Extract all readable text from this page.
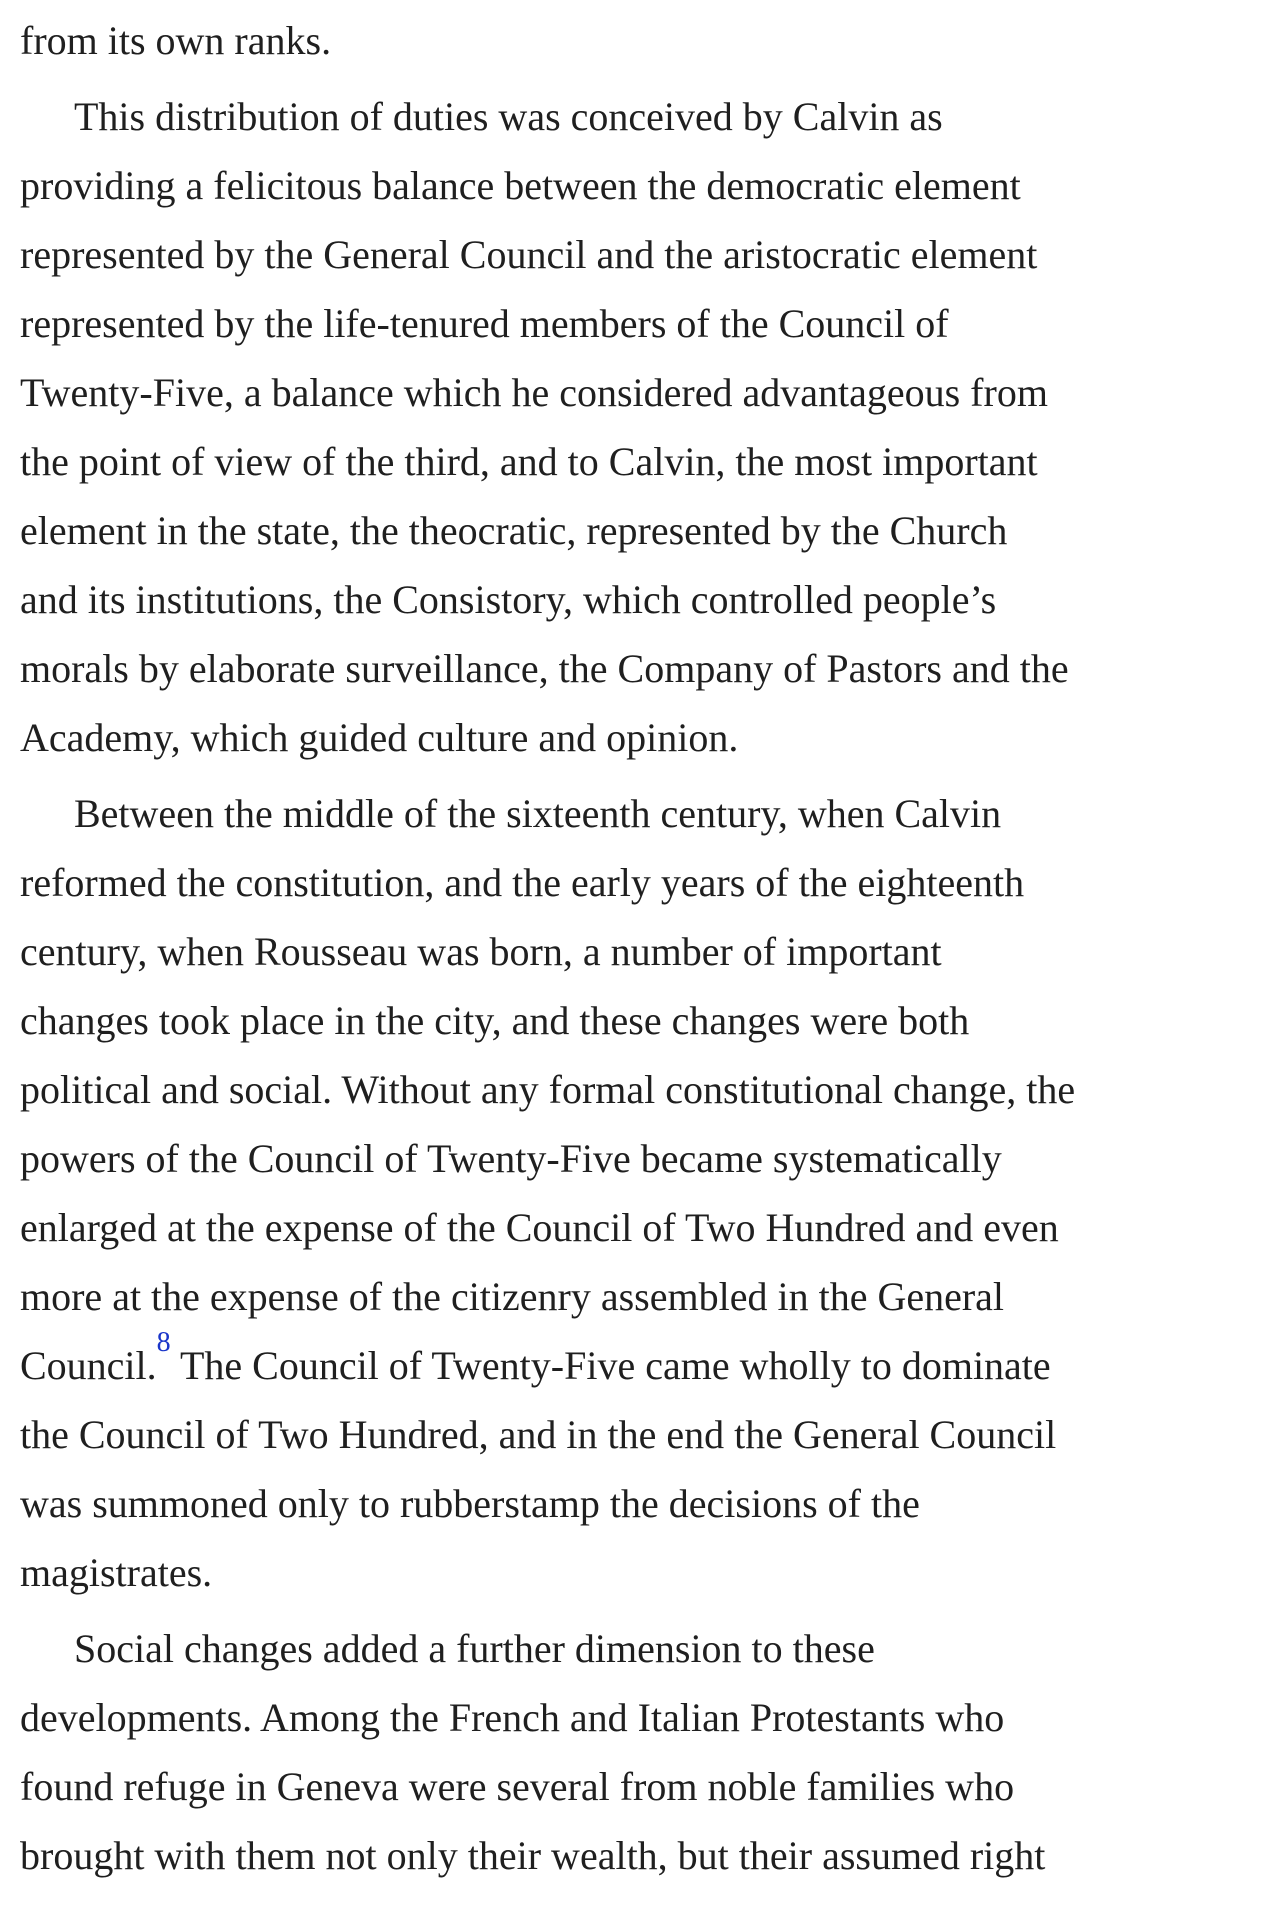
from its own ranks.

This distribution of duties was conceived by Calvin as
providing a felicitous balance between the democratic element
represented by the General Council and the aristocratic element
represented by the life-tenured members of the Council of
Twenty-Five, a balance which he considered advantageous from
the point of view of the third, and to Calvin, the most important
element in the state, the theocratic, represented by the Church
and its institutions, the Consistory, which controlled people’s
morals by elaborate surveillance, the Company of Pastors and the
Academy, which guided culture and opinion.

Between the middle of the sixteenth century, when Calvin
reformed the constitution, and the early years of the eighteenth
century, when Rousseau was born, a number of important
changes took place in the city, and these changes were both
political and social. Without any formal constitutional change, the
powers of the Council of Twenty-Five became systematically
enlarged at the expense of the Council of Two Hundred and even
more at the expense of the citizenry assembled in the General
Council.$^8$ The Council of Twenty-Five came wholly to dominate
the Council of Two Hundred, and in the end the General Council
was summoned only to rubberstamp the decisions of the
magistrates.

Social changes added a further dimension to these
developments. Among the French and Italian Protestants who
found refuge in Geneva were several from noble families who
brought with them not only their wealth, but their assumed right
